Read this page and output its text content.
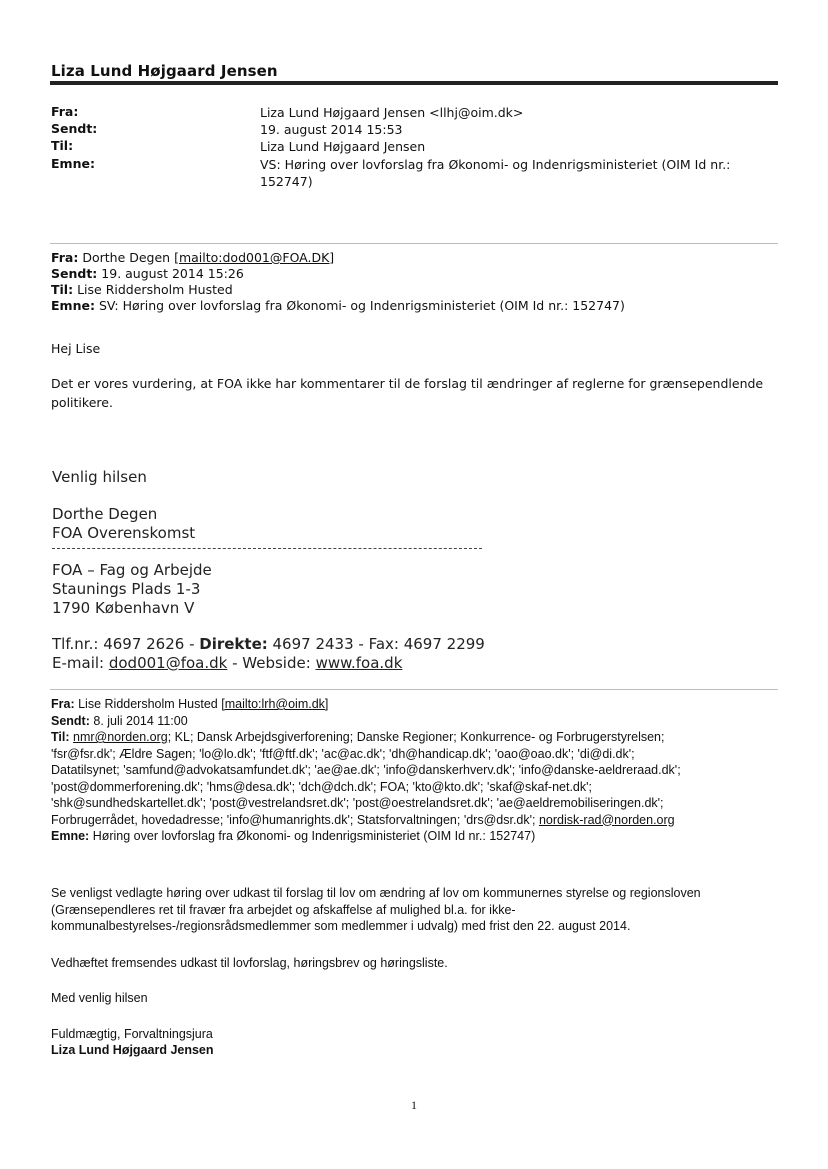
Liza Lund Højgaard Jensen
Fra:	Liza Lund Højgaard Jensen <llhj@oim.dk>
Sendt:	19. august 2014 15:53
Til:	Liza Lund Højgaard Jensen
Emne:	VS: Høring over lovforslag fra Økonomi- og Indenrigsministeriet (OIM Id nr.: 152747)
Fra: Dorthe Degen [mailto:dod001@FOA.DK]
Sendt: 19. august 2014 15:26
Til: Lise Riddersholm Husted
Emne: SV: Høring over lovforslag fra Økonomi- og Indenrigsministeriet (OIM Id nr.: 152747)
Hej Lise
Det er vores vurdering, at FOA ikke har kommentarer til de forslag til ændringer af reglerne for grænsependlende politikere.
Venlig hilsen
Dorthe Degen
FOA Overenskomst
FOA – Fag og Arbejde
Staunings Plads 1-3
1790 København V
Tlf.nr.: 4697 2626 - Direkte: 4697 2433 - Fax: 4697 2299
E-mail: dod001@foa.dk - Webside: www.foa.dk
Fra: Lise Riddersholm Husted [mailto:lrh@oim.dk]
Sendt: 8. juli 2014 11:00
Til: nmr@norden.org; KL; Dansk Arbejdsgiverforening; Danske Regioner; Konkurrence- og Forbrugerstyrelsen;
'fsr@fsr.dk'; Ældre Sagen; 'lo@lo.dk'; 'ftf@ftf.dk'; 'ac@ac.dk'; 'dh@handicap.dk'; 'oao@oao.dk'; 'di@di.dk';
Datatilsynet; 'samfund@advokatsamfundet.dk'; 'ae@ae.dk'; 'info@danskerhverv.dk'; 'info@danske-aeldreraad.dk';
'post@dommerforening.dk'; 'hms@desa.dk'; 'dch@dch.dk'; FOA; 'kto@kto.dk'; 'skaf@skaf-net.dk';
'shk@sundhedskartellet.dk'; 'post@vestrelandsret.dk'; 'post@oestrelandsret.dk'; 'ae@aeldremobiliseringen.dk';
Forbrugerrådet, hovedadresse; 'info@humanrights.dk'; Statsforvaltningen; 'drs@dsr.dk'; nordisk-rad@norden.org
Emne: Høring over lovforslag fra Økonomi- og Indenrigsministeriet (OIM Id nr.: 152747)
Se venligst vedlagte høring over udkast til forslag til lov om ændring af lov om kommunernes styrelse og regionsloven (Grænsependleres ret til fravær fra arbejdet og afskaffelse af mulighed bl.a. for ikke-kommunalbestyrelses-/regionsrådsmedlemmer som medlemmer i udvalg) med frist den 22. august 2014.
Vedhæftet fremsendes udkast til lovforslag, høringsbrev og høringsliste.
Med venlig hilsen
Fuldmægtig, Forvaltningsjura
Liza Lund Højgaard Jensen
1
